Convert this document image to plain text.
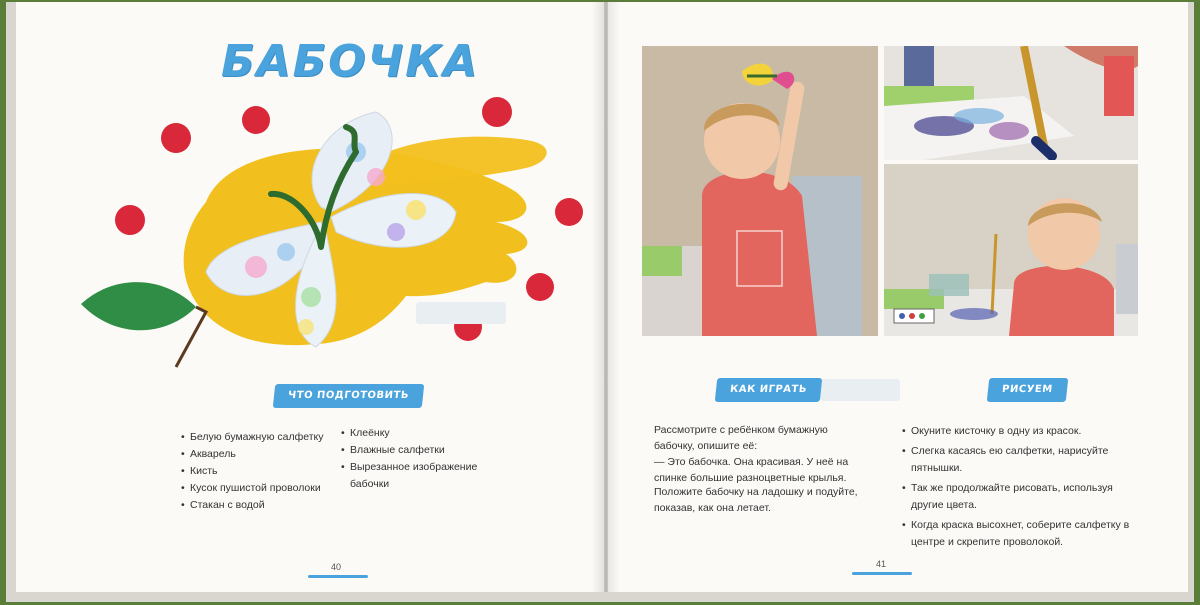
БАБОЧКА
ЧТО ПОДГОТОВИТЬ
• Белую бумажную салфетку
• Акварель
• Кисть
• Кусок пушистой проволоки
• Стакан с водой
• Клеёнку
• Влажные салфетки
• Вырезанное изображение бабочки
40
КАК ИГРАТЬ	РИСУЕМ

Рассмотрите с ребёнком бумажную бабочку, опишите её:

— Это бабочка. Она красивая. У неё на спинке большие разноцветные крылья.

Положите бабочку на ладошку и подуйте, показав, как она летает.

• Окуните кисточку в одну из красок.
• Слегка касаясь ею салфетки, нарисуйте пятнышки.
• Так же продолжайте рисовать, используя другие цвета.
• Когда краска высохнет, соберите салфетку в центре и скрепите проволокой.
41
